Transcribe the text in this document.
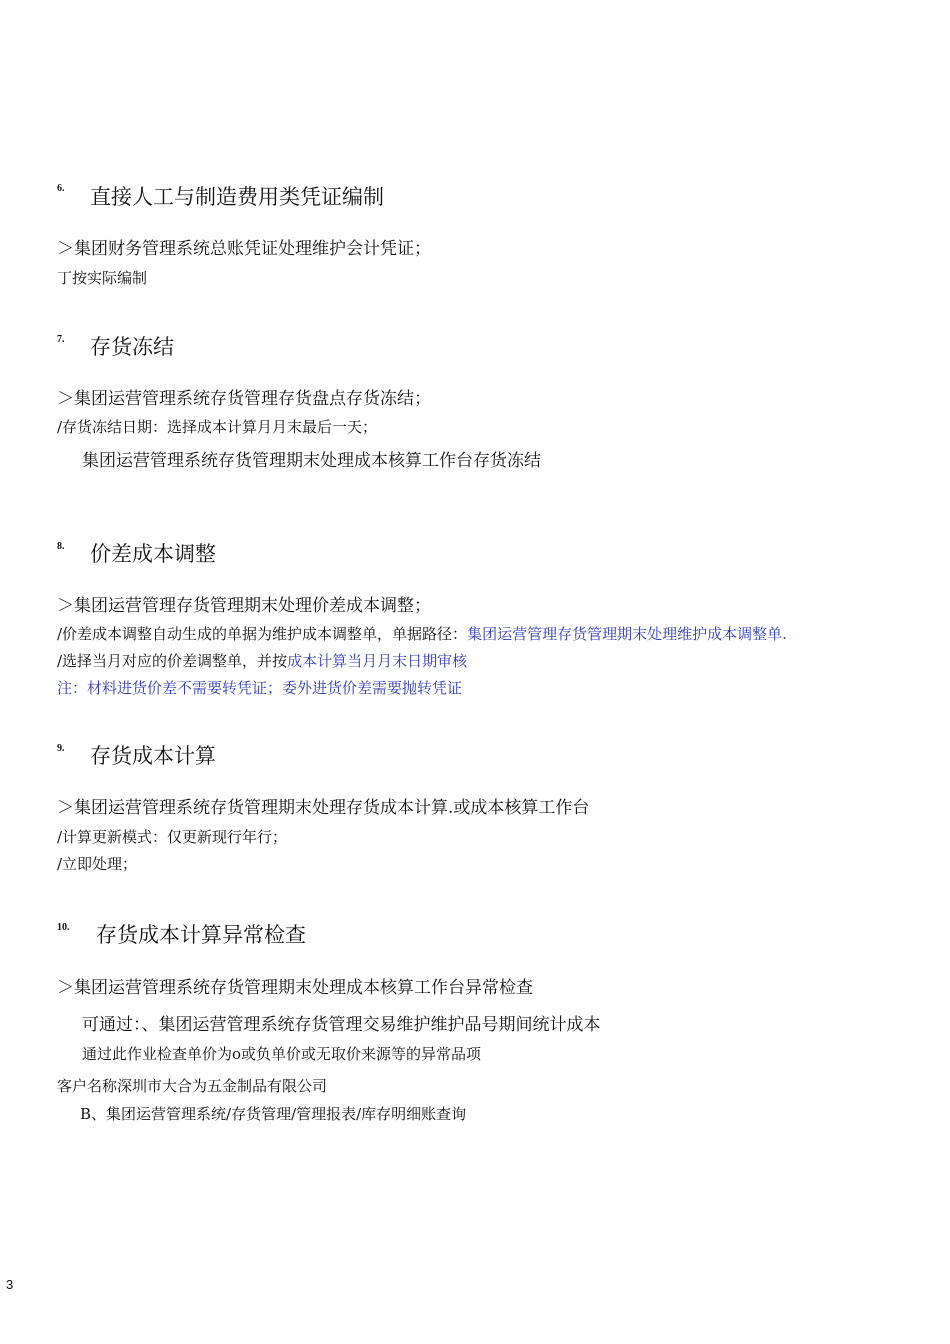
6. 直接人工与制造费用类凭证编制
＞集团财务管理系统总账凭证处理维护会计凭证；
丁按实际编制
7. 存货冻结
＞集团运营管理系统存货管理存货盘点存货冻结；
/存货冻结日期：选择成本计算月月末最后一天；
集团运营管理系统存货管理期末处理成本核算工作台存货冻结
8. 价差成本调整
＞集团运营管理存货管理期末处理价差成本调整；
/价差成本调整自动生成的单据为维护成本调整单，单据路径：集团运营管理存货管理期末处理维护成本调整单.
/选择当月对应的价差调整单，并按成本计算当月月末日期审核
注：材料进货价差不需要转凭证；委外进货价差需要抛转凭证
9. 存货成本计算
＞集团运营管理系统存货管理期末处理存货成本计算.或成本核算工作台
/计算更新模式：仅更新现行年行；
/立即处理；
10. 存货成本计算异常检查
＞集团运营管理系统存货管理期末处理成本核算工作台异常检查
可通过：、集团运营管理系统存货管理交易维护维护品号期间统计成本
通过此作业检查单价为o或负单价或无取价来源等的异常品项
客户名称深圳市大合为五金制品有限公司
B、集团运营管理系统/存货管理/管理报表/库存明细账查询
3
